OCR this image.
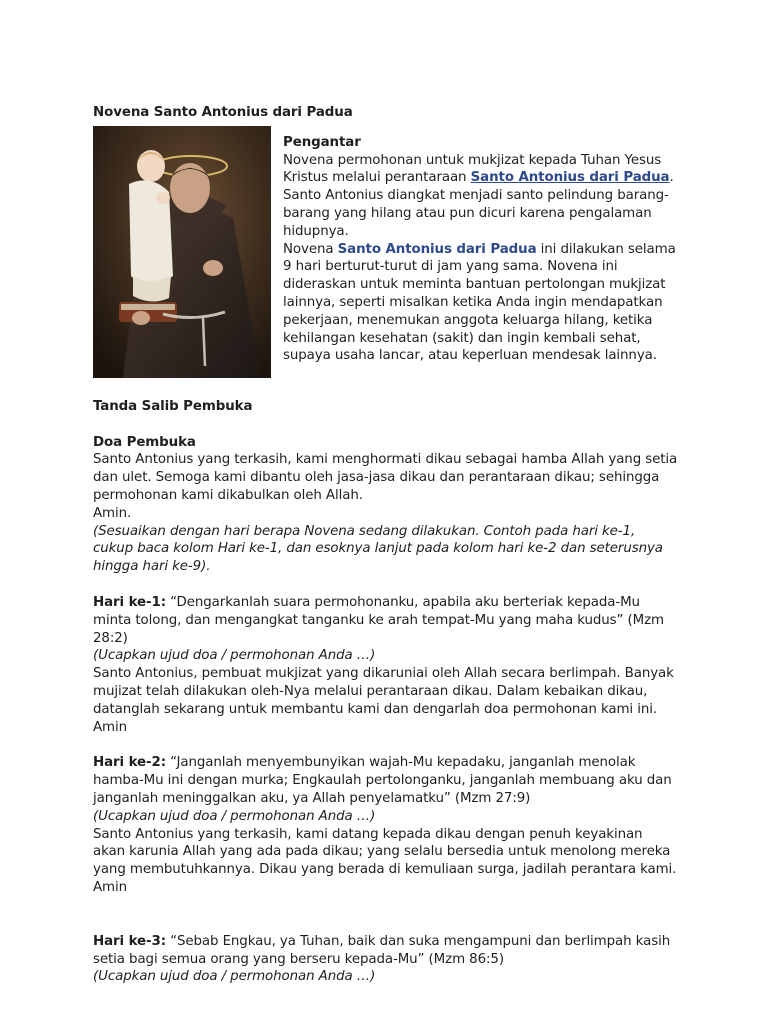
Novena Santo Antonius dari Padua

Pengantar

Novena permohonan untuk mukjizat kepada Tuhan Yesus Kristus melalui perantaraan Santo Antonius dari Padua. Santo Antonius diangkat menjadi santo pelindung barang-barang yang hilang atau pun dicuri karena pengalaman hidupnya.

Novena Santo Antonius dari Padua ini dilakukan selama 9 hari berturut-turut di jam yang sama. Novena ini dideraskan untuk meminta bantuan pertolongan mukjizat lainnya, seperti misalkan ketika Anda ingin mendapatkan pekerjaan, menemukan anggota keluarga hilang, ketika kehilangan kesehatan (sakit) dan ingin kembali sehat, supaya usaha lancar, atau keperluan mendesak lainnya.

Tanda Salib Pembuka

Doa Pembuka

Santo Antonius yang terkasih, kami menghormati dikau sebagai hamba Allah yang setia dan ulet. Semoga kami dibantu oleh jasa-jasa dikau dan perantaraan dikau; sehingga permohonan kami dikabulkan oleh Allah.

Amin.

(Sesuaikan dengan hari berapa Novena sedang dilakukan. Contoh pada hari ke-1, cukup baca kolom Hari ke-1, dan esoknya lanjut pada kolom hari ke-2 dan seterusnya hingga hari ke-9).

Hari ke-1: “Dengarkanlah suara permohonanku, apabila aku berteriak kepada-Mu minta tolong, dan mengangkat tanganku ke arah tempat-Mu yang maha kudus” (Mzm 28:2)

(Ucapkan ujud doa / permohonan Anda …)

Santo Antonius, pembuat mukjizat yang dikaruniai oleh Allah secara berlimpah. Banyak mujizat telah dilakukan oleh-Nya melalui perantaraan dikau. Dalam kebaikan dikau, datanglah sekarang untuk membantu kami dan dengarlah doa permohonan kami ini.

Amin

Hari ke-2: “Janganlah menyembunyikan wajah-Mu kepadaku, janganlah menolak hamba-Mu ini dengan murka; Engkaulah pertolonganku, janganlah membuang aku dan janganlah meninggalkan aku, ya Allah penyelamatku” (Mzm 27:9)

(Ucapkan ujud doa / permohonan Anda …)

Santo Antonius yang terkasih, kami datang kepada dikau dengan penuh keyakinan akan karunia Allah yang ada pada dikau; yang selalu bersedia untuk menolong mereka yang membutuhkannya. Dikau yang berada di kemuliaan surga, jadilah perantara kami. Amin

Hari ke-3: “Sebab Engkau, ya Tuhan, baik dan suka mengampuni dan berlimpah kasih setia bagi semua orang yang berseru kepada-Mu” (Mzm 86:5)

(Ucapkan ujud doa / permohonan Anda …)
